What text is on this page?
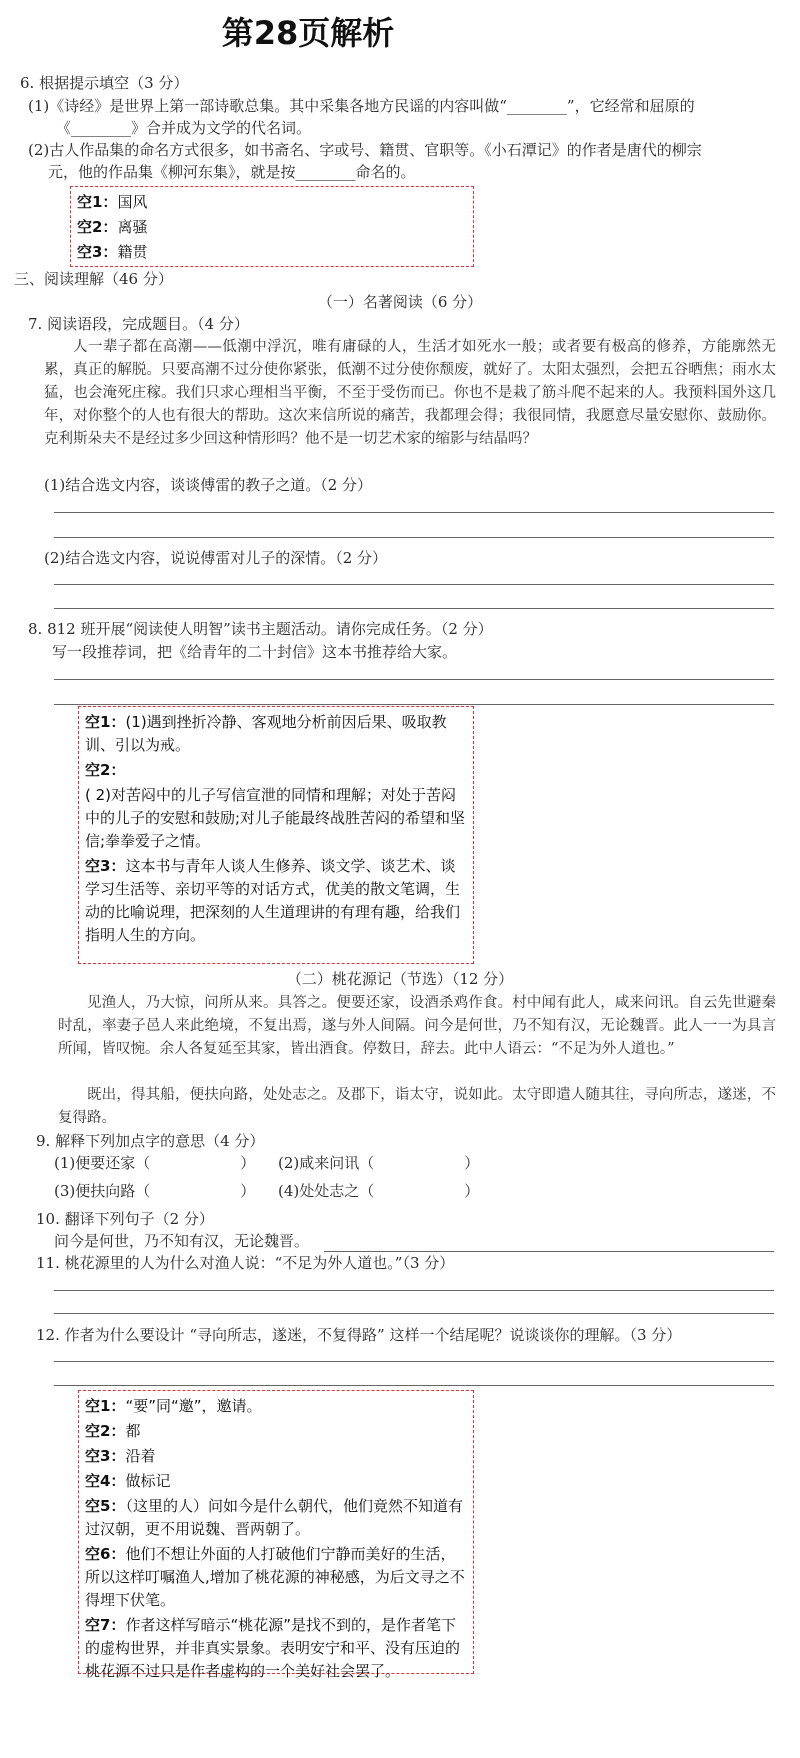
第28页解析
6. 根据提示填空（3 分）
(1)《诗经》是世界上第一部诗歌总集。其中采集各地方民谣的内容叫做“________”，它经常和屈原的
《________》合并成为文学的代名词。
(2)古人作品集的命名方式很多，如书斋名、字或号、籍贯、官职等。《小石潭记》的作者是唐代的柳宗
元，他的作品集《柳河东集》，就是按________命名的。
空1：国风
空2：离骚
空3：籍贯
三、阅读理解（46 分）
（一）名著阅读（6 分）
7. 阅读语段，完成题目。（4 分）
人一辈子都在高潮——低潮中浮沉，唯有庸碌的人，生活才如死水一般；或者要有极高的修养，方能廓然无累，真正的解脱。只要高潮不过分使你紧张，低潮不过分使你颓废，就好了。太阳太强烈，会把五谷晒焦；雨水太猛，也会淹死庄稼。我们只求心理相当平衡，不至于受伤而已。你也不是栽了筋斗爬不起来的人。我预料国外这几年，对你整个的人也有很大的帮助。这次来信所说的痛苦，我都理会得；我很同情，我愿意尽量安慰你、鼓励你。克利斯朵夫不是经过多少回这种情形吗？他不是一切艺术家的缩影与结晶吗？
(1)结合选文内容，谈谈傅雷的教子之道。（2 分）
(2)结合选文内容，说说傅雷对儿子的深情。（2 分）
8. 812 班开展“阅读使人明智”读书主题活动。请你完成任务。（2 分）
写一段推荐词，把《给青年的二十封信》这本书推荐给大家。
空1：(1)遇到挫折冷静、客观地分析前因后果、吸取教训、引以为戒。
空2：
( 2)对苦闷中的儿子写信宣泄的同情和理解；对处于苦闷中的儿子的安慰和鼓励;对儿子能最终战胜苦闷的希望和坚信;拳拳爱子之情。
空3：这本书与青年人谈人生修养、谈文学、谈艺术、谈学习生活等、亲切平等的对话方式，优美的散文笔调，生动的比喻说理，把深刻的人生道理讲的有理有趣，给我们指明人生的方向。
（二）桃花源记（节选）（12 分）
见渔人，乃大惊，问所从来。具答之。便要还家，设酒杀鸡作食。村中闻有此人，咸来问讯。自云先世避秦时乱，率妻子邑人来此绝境，不复出焉，遂与外人间隔。问今是何世，乃不知有汉，无论魏晋。此人一一为具言所闻，皆叹惋。余人各复延至其家，皆出酒食。停数日，辞去。此中人语云：“不足为外人道也。”
既出，得其船，便扶向路，处处志之。及郡下，诣太守，说如此。太守即遣人随其往，寻向所志，遂迷，不复得路。
9. 解释下列加点字的意思（4 分）
(1)便要还家（	） (2)咸来问讯（	）
(3)便扶向路（	） (4)处处志之（	）
10. 翻译下列句子（2 分）
问今是何世，乃不知有汉，无论魏晋。
11. 桃花源里的人为什么对渔人说：“不足为外人道也。”（3 分）
12. 作者为什么要设计 “寻向所志，遂迷，不复得路” 这样一个结尾呢？说谈谈你的理解。（3 分）
空1：“要”同“邀”，邀请。
空2：都
空3：沿着
空4：做标记
空5：（这里的人）问如今是什么朝代，他们竟然不知道有过汉朝，更不用说魏、晋两朝了。
空6：他们不想让外面的人打破他们宁静而美好的生活，所以这样叮嘱渔人,增加了桃花源的神秘感，为后文寻之不得埋下伏笔。
空7：作者这样写暗示“桃花源”是找不到的，是作者笔下的虚构世界，并非真实景象。表明安宁和平、没有压迫的桃花源不过只是作者虚构的一个美好社会罢了。
